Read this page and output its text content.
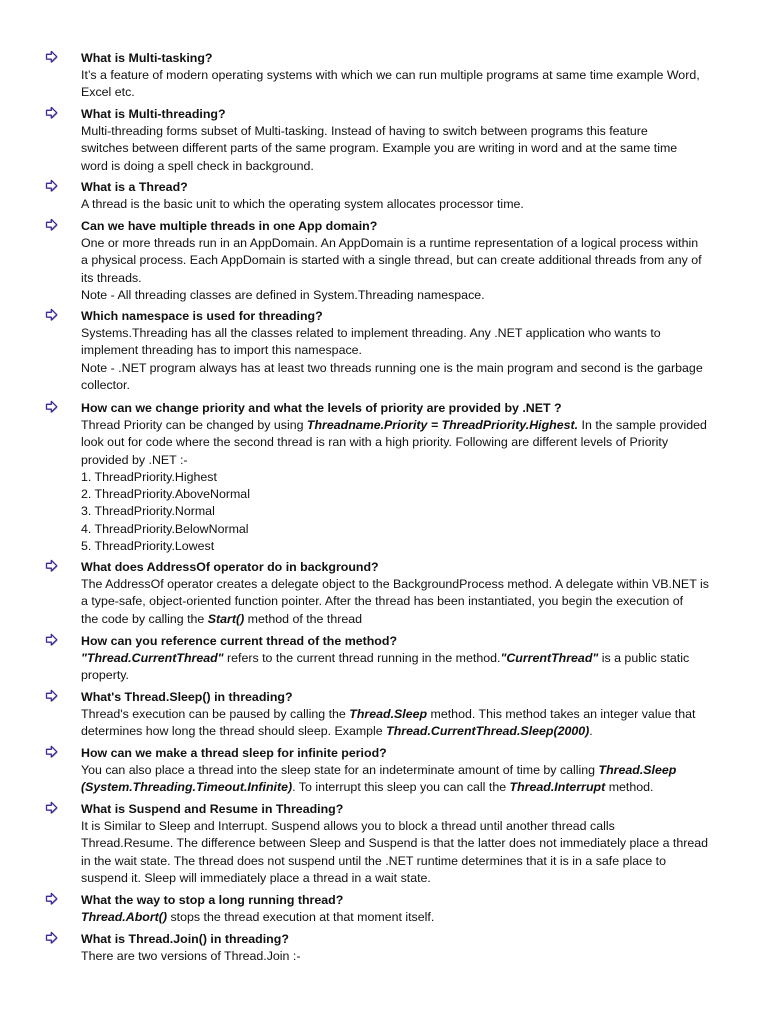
What is Multi-tasking?
It’s a feature of modern operating systems with which we can run multiple programs at same time example Word,
Excel etc.
What is Multi-threading?
Multi-threading forms subset of Multi-tasking. Instead of having to switch between programs this feature
switches between different parts of the same program. Example you are writing in word and at the same time
word is doing a spell check in background.
What is a Thread?
A thread is the basic unit to which the operating system allocates processor time.
Can we have multiple threads in one App domain?
One or more threads run in an AppDomain. An AppDomain is a runtime representation of a logical process within
a physical process. Each AppDomain is started with a single thread, but can create additional threads from any of
its threads.
Note - All threading classes are defined in System.Threading namespace.
Which namespace is used for threading?
Systems.Threading has all the classes related to implement threading. Any .NET application who wants to
implement threading has to import this namespace.
Note - .NET program always has at least two threads running one is the main program and second is the garbage
collector.
How can we change priority and what the levels of priority are provided by .NET ?
Thread Priority can be changed by using Threadname.Priority = ThreadPriority.Highest. In the sample provided
look out for code where the second thread is ran with a high priority. Following are different levels of Priority
provided by .NET :-
1. ThreadPriority.Highest
2. ThreadPriority.AboveNormal
3. ThreadPriority.Normal
4. ThreadPriority.BelowNormal
5. ThreadPriority.Lowest
What does AddressOf operator do in background?
The AddressOf operator creates a delegate object to the BackgroundProcess method. A delegate within VB.NET is
a type-safe, object-oriented function pointer. After the thread has been instantiated, you begin the execution of
the code by calling the Start() method of the thread
How can you reference current thread of the method?
"Thread.CurrentThread" refers to the current thread running in the method."CurrentThread" is a public static
property.
What's Thread.Sleep() in threading?
Thread's execution can be paused by calling the Thread.Sleep method. This method takes an integer value that
determines how long the thread should sleep. Example Thread.CurrentThread.Sleep(2000).
How can we make a thread sleep for infinite period?
You can also place a thread into the sleep state for an indeterminate amount of time by calling Thread.Sleep
(System.Threading.Timeout.Infinite). To interrupt this sleep you can call the Thread.Interrupt method.
What is Suspend and Resume in Threading?
It is Similar to Sleep and Interrupt. Suspend allows you to block a thread until another thread calls
Thread.Resume. The difference between Sleep and Suspend is that the latter does not immediately place a thread
in the wait state. The thread does not suspend until the .NET runtime determines that it is in a safe place to
suspend it. Sleep will immediately place a thread in a wait state.
What the way to stop a long running thread?
Thread.Abort() stops the thread execution at that moment itself.
What is Thread.Join() in threading?
There are two versions of Thread.Join :-
